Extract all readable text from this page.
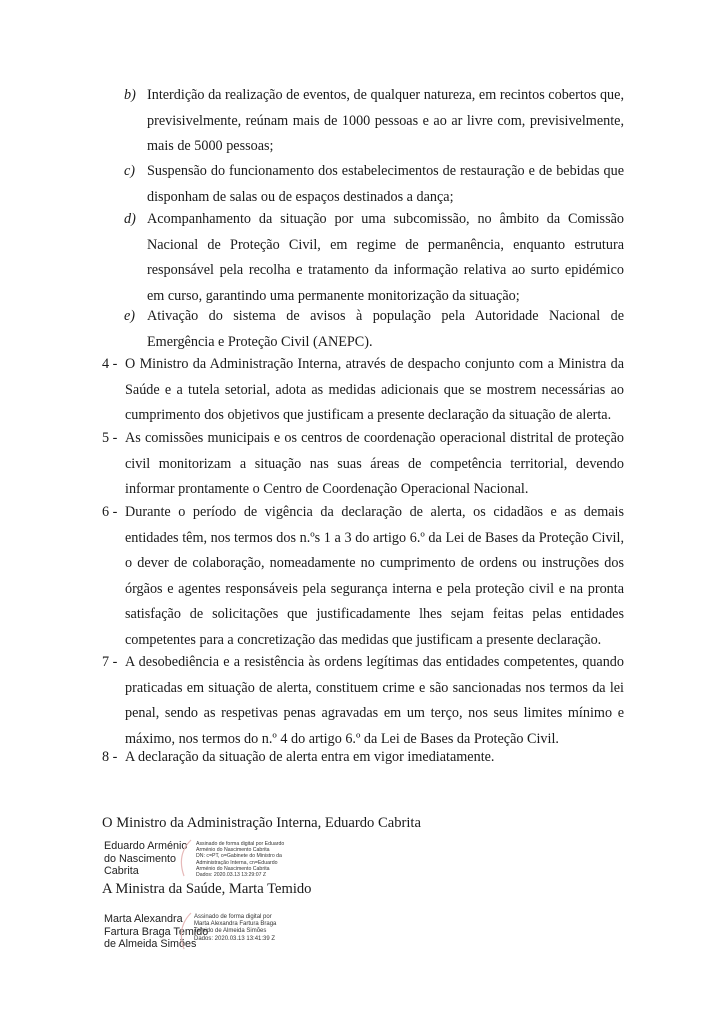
b) Interdição da realização de eventos, de qualquer natureza, em recintos cobertos que, previsivelmente, reúnam mais de 1000 pessoas e ao ar livre com, previsivelmente, mais de 5000 pessoas;
c) Suspensão do funcionamento dos estabelecimentos de restauração e de bebidas que disponham de salas ou de espaços destinados a dança;
d) Acompanhamento da situação por uma subcomissão, no âmbito da Comissão Nacional de Proteção Civil, em regime de permanência, enquanto estrutura responsável pela recolha e tratamento da informação relativa ao surto epidémico em curso, garantindo uma permanente monitorização da situação;
e) Ativação do sistema de avisos à população pela Autoridade Nacional de Emergência e Proteção Civil (ANEPC).
4 - O Ministro da Administração Interna, através de despacho conjunto com a Ministra da Saúde e a tutela setorial, adota as medidas adicionais que se mostrem necessárias ao cumprimento dos objetivos que justificam a presente declaração da situação de alerta.
5 - As comissões municipais e os centros de coordenação operacional distrital de proteção civil monitorizam a situação nas suas áreas de competência territorial, devendo informar prontamente o Centro de Coordenação Operacional Nacional.
6 - Durante o período de vigência da declaração de alerta, os cidadãos e as demais entidades têm, nos termos dos n.ºs 1 a 3 do artigo 6.º da Lei de Bases da Proteção Civil, o dever de colaboração, nomeadamente no cumprimento de ordens ou instruções dos órgãos e agentes responsáveis pela segurança interna e pela proteção civil e na pronta satisfação de solicitações que justificadamente lhes sejam feitas pelas entidades competentes para a concretização das medidas que justificam a presente declaração.
7 - A desobediência e a resistência às ordens legítimas das entidades competentes, quando praticadas em situação de alerta, constituem crime e são sancionadas nos termos da lei penal, sendo as respetivas penas agravadas em um terço, nos seus limites mínimo e máximo, nos termos do n.º 4 do artigo 6.º da Lei de Bases da Proteção Civil.
8 - A declaração da situação de alerta entra em vigor imediatamente.
O Ministro da Administração Interna, Eduardo Cabrita
Eduardo Arménio
do Nascimento
Cabrita
Assinado de forma digital por Eduardo
Arménio do Nascimento Cabrita
DN: c=PT, o=Gabinete do Ministro da
Administração Interna, cn=Eduardo
Arménio do Nascimento Cabrita
Dados: 2020.03.13 13:29:07 Z
A Ministra da Saúde, Marta Temido
Marta Alexandra
Fartura Braga Temido
de Almeida Simões
Assinado de forma digital por
Marta Alexandra Fartura Braga
Temido de Almeida Simões
Dados: 2020.03.13 13:41:39 Z
